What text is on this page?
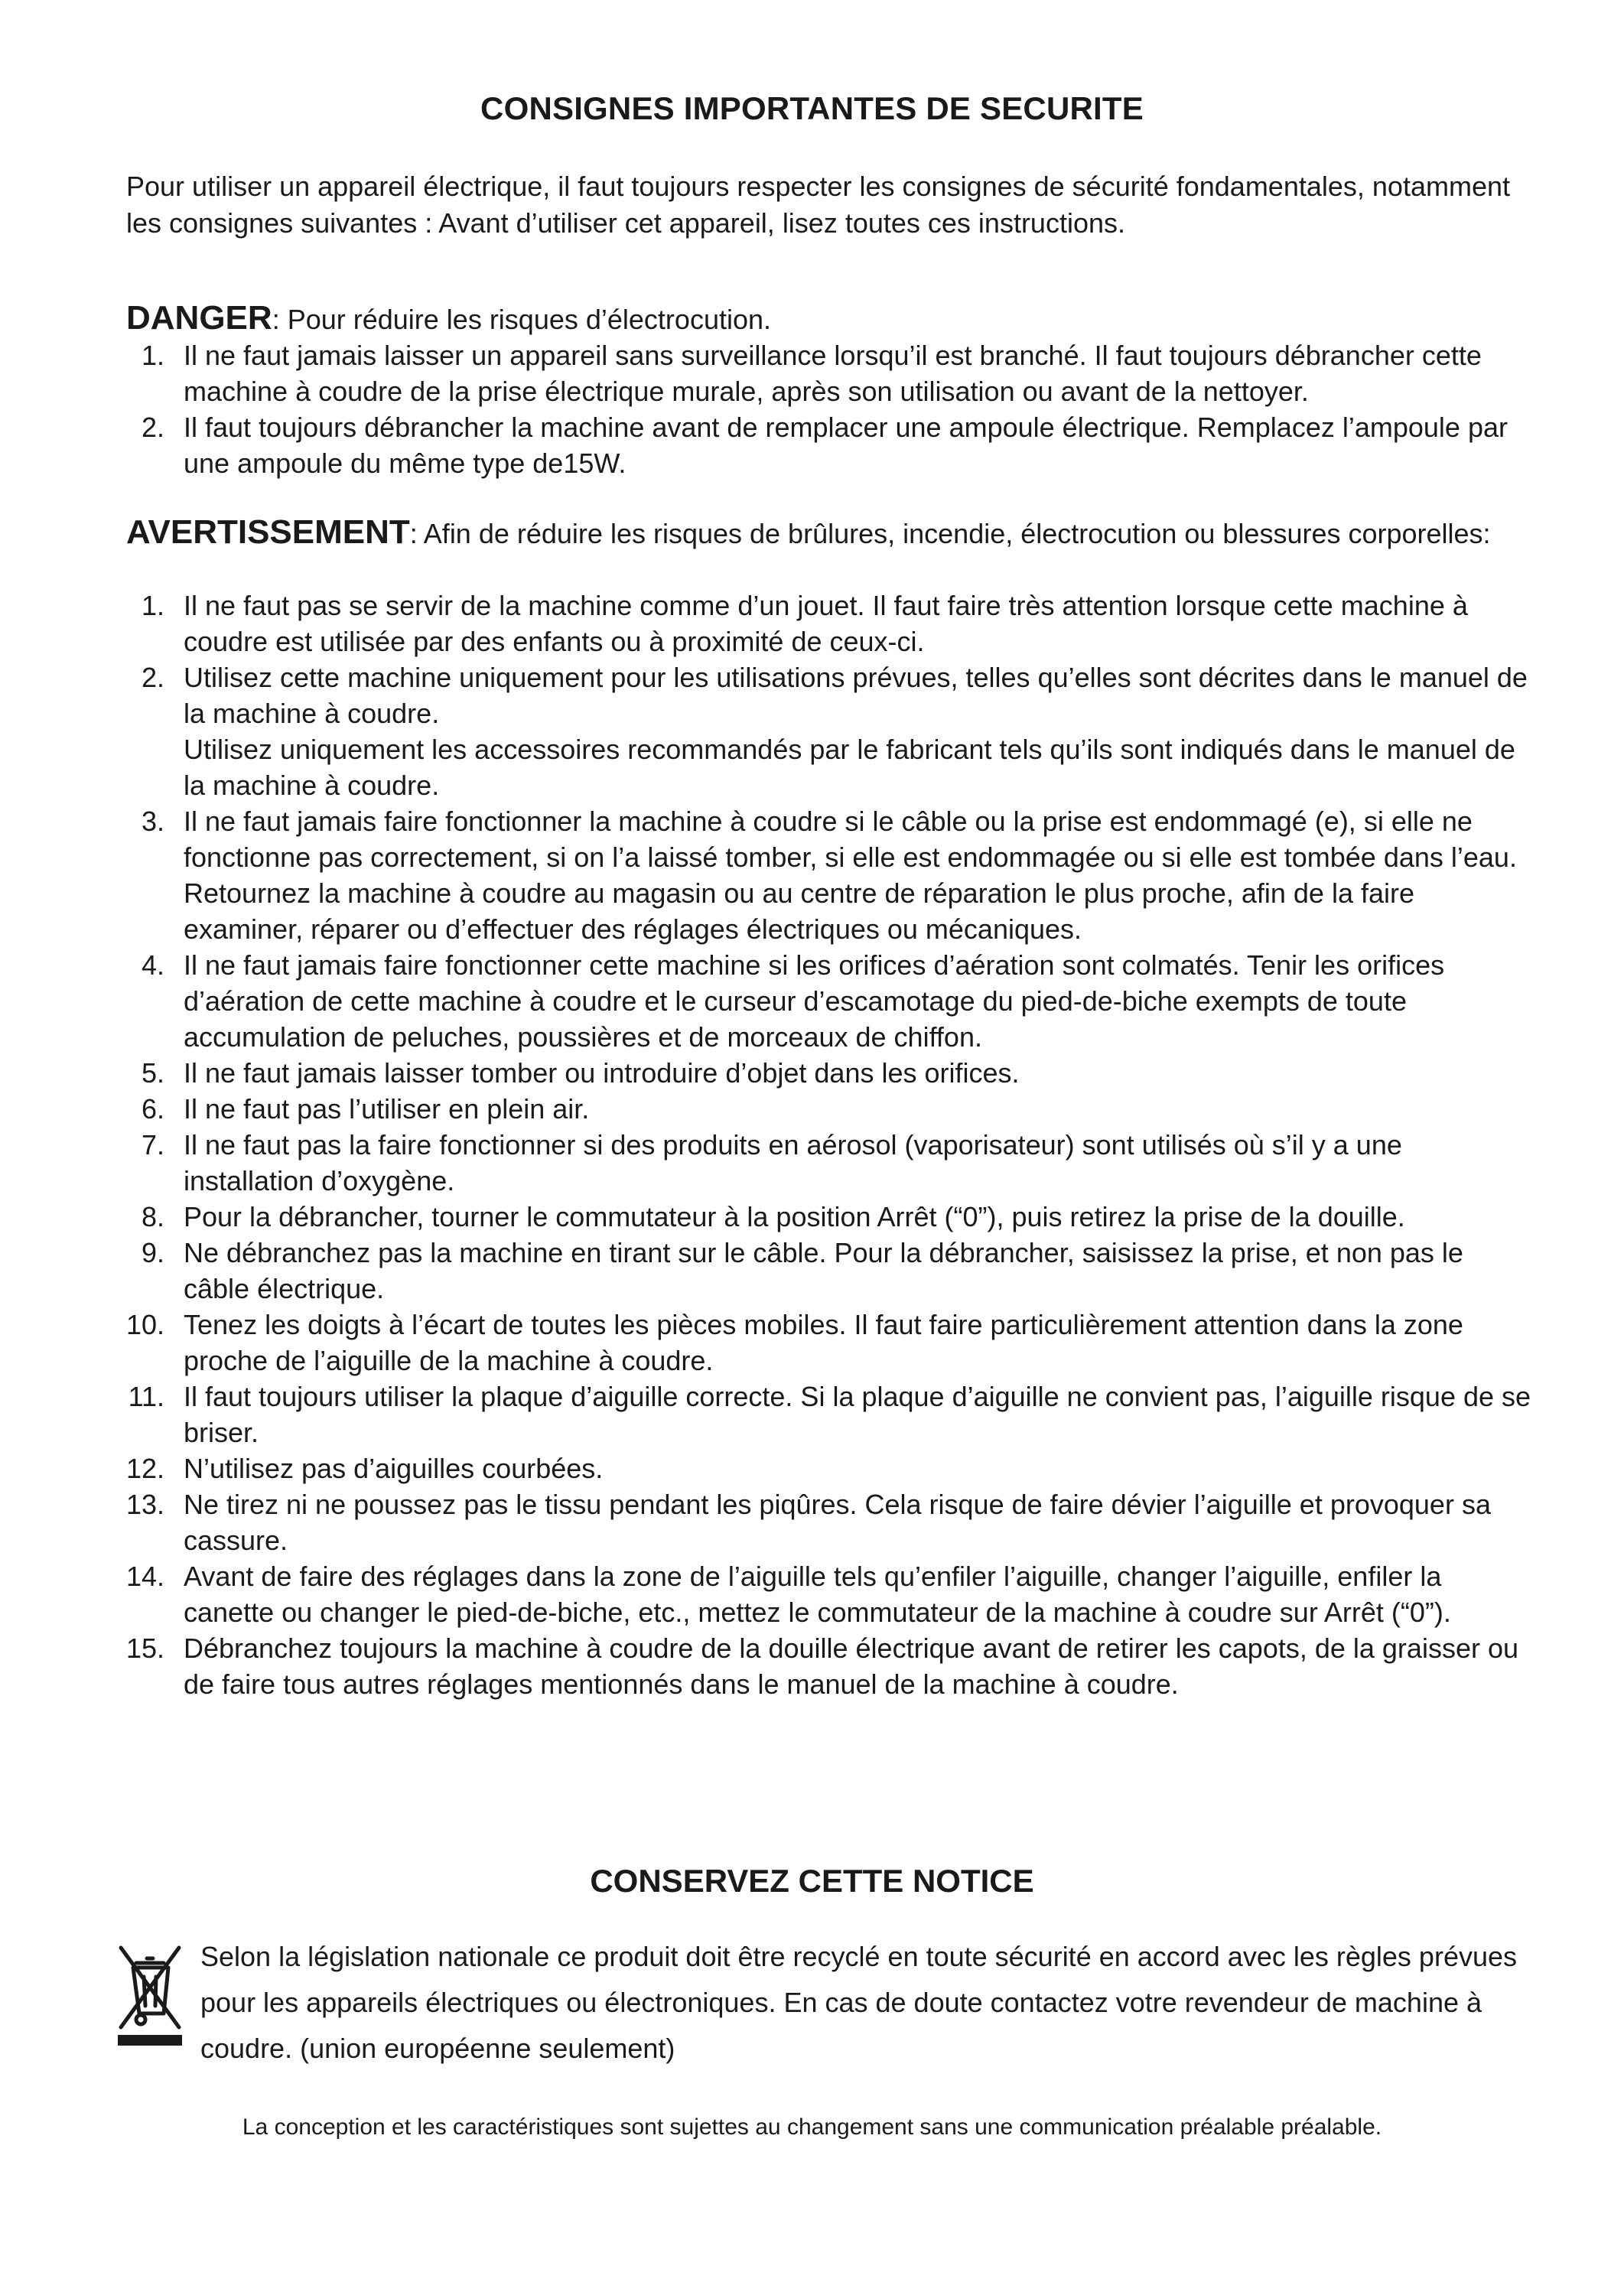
CONSIGNES IMPORTANTES DE SECURITE
Pour utiliser un appareil électrique, il faut toujours respecter les consignes de sécurité fondamentales, notamment les consignes suivantes : Avant d’utiliser cet appareil, lisez toutes ces instructions.

DANGER: Pour réduire les risques d’électrocution.

1. Il ne faut jamais laisser un appareil sans surveillance lorsqu’il est branché. Il faut toujours débrancher cette machine à coudre de la prise électrique murale, après son utilisation ou avant de la nettoyer.
2. Il faut toujours débrancher la machine avant de remplacer une ampoule électrique. Remplacez l’ampoule par une ampoule du même type de15W.

AVERTISSEMENT: Afin de réduire les risques de brûlures, incendie, électrocution ou blessures corporelles:

1. Il ne faut pas se servir de la machine comme d’un jouet. Il faut faire très attention lorsque cette machine à coudre est utilisée par des enfants ou à proximité de ceux-ci.
2. Utilisez cette machine uniquement pour les utilisations prévues, telles qu’elles sont décrites dans le manuel de la machine à coudre.
Utilisez uniquement les accessoires recommandés par le fabricant tels qu’ils sont indiqués dans le manuel de la machine à coudre.
3. Il ne faut jamais faire fonctionner la machine à coudre si le câble ou la prise est endommagé (e), si elle ne fonctionne pas correctement, si on l’a laissé tomber, si elle est endommagée ou si elle est tombée dans l’eau.
Retournez la machine à coudre au magasin ou au centre de réparation le plus proche, afin de la faire examiner, réparer ou d’effectuer des réglages électriques ou mécaniques.
4. Il ne faut jamais faire fonctionner cette machine si les orifices d’aération sont colmatés. Tenir les orifices d’aération de cette machine à coudre et le curseur d’escamotage du pied-de-biche exempts de toute accumulation de peluches, poussières et de morceaux de chiffon.
5. Il ne faut jamais laisser tomber ou introduire d’objet dans les orifices.
6. Il ne faut pas l’utiliser en plein air.
7. Il ne faut pas la faire fonctionner si des produits en aérosol (vaporisateur) sont utilisés où s’il y a une installation d’oxygène.
8. Pour la débrancher, tourner le commutateur à la position Arrêt (“0”), puis retirez la prise de la douille.
9. Ne débranchez pas la machine en tirant sur le câble. Pour la débrancher, saisissez la prise, et non pas le câble électrique.
10. Tenez les doigts à l’écart de toutes les pièces mobiles. Il faut faire particulièrement attention dans la zone proche de l’aiguille de la machine à coudre.
11. Il faut toujours utiliser la plaque d’aiguille correcte. Si la plaque d’aiguille ne convient pas, l’aiguille risque de se briser.
12. N’utilisez pas d’aiguilles courbées.
13. Ne tirez ni ne poussez pas le tissu pendant les piqûres. Cela risque de faire dévier l’aiguille et provoquer sa cassure.
14. Avant de faire des réglages dans la zone de l’aiguille tels qu’enfiler l’aiguille, changer l’aiguille, enfiler la canette ou changer le pied-de-biche, etc., mettez le commutateur de la machine à coudre sur Arrêt (“0”).
15. Débranchez toujours la machine à coudre de la douille électrique avant de retirer les capots, de la graisser ou de faire tous autres réglages mentionnés dans le manuel de la machine à coudre.
CONSERVEZ CETTE NOTICE
Selon la législation nationale ce produit doit être recyclé en toute sécurité en accord avec les règles prévues pour les appareils électriques ou électroniques. En cas de doute contactez votre revendeur de machine à coudre. (union européenne seulement)
La conception et les caractéristiques sont sujettes au changement sans une communication préalable préalable.
